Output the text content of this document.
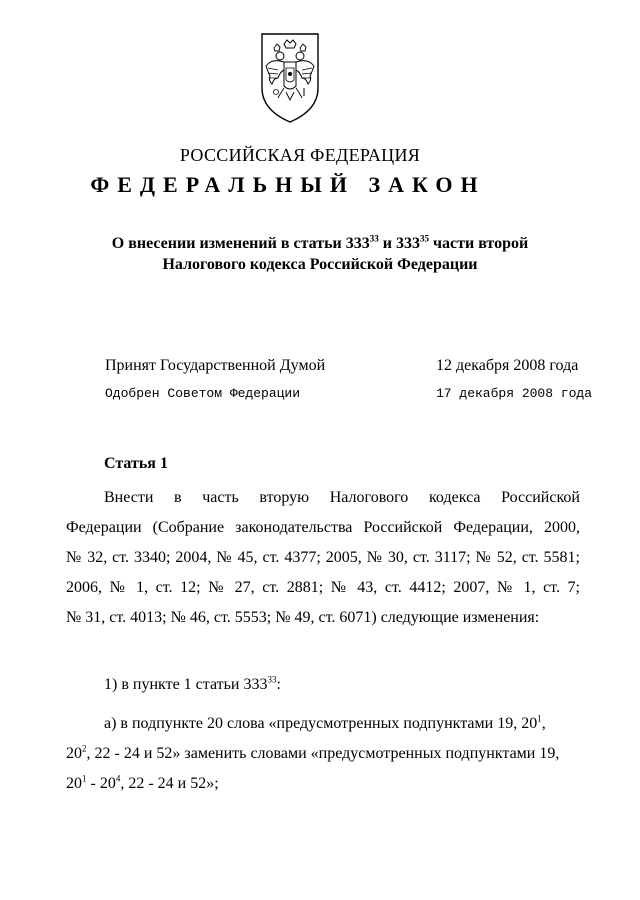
РОССИЙСКАЯ ФЕДЕРАЦИЯ
ФЕДЕРАЛЬНЫЙ ЗАКОН
О внесении изменений в статьи $333^{33}$ и $333^{35}$ части второй
Налогового кодекса Российской Федерации
Принят Государственной Думой	12 декабря 2008 года
Одобрен Советом Федерации	17 декабря 2008 года
Статья 1
Внести в часть вторую Налогового кодекса Российской
Федерации (Собрание законодательства Российской Федерации, 2000,
№ 32, ст. 3340; 2004, № 45, ст. 4377; 2005, № 30, ст. 3117; № 52, ст. 5581;
2006, № 1, ст. 12; № 27, ст. 2881; № 43, ст. 4412; 2007, № 1, ст. 7;
№ 31, ст. 4013; № 46, ст. 5553; № 49, ст. 6071) следующие изменения:
1) в пункте 1 статьи $333^{33}$:
а) в подпункте 20 слова «предусмотренных подпунктами 19, $20^1$,
$20^2$, 22 - 24 и 52» заменить словами «предусмотренных подпунктами 19,
$20^1 - 20^4$, 22 - 24 и 52»;
